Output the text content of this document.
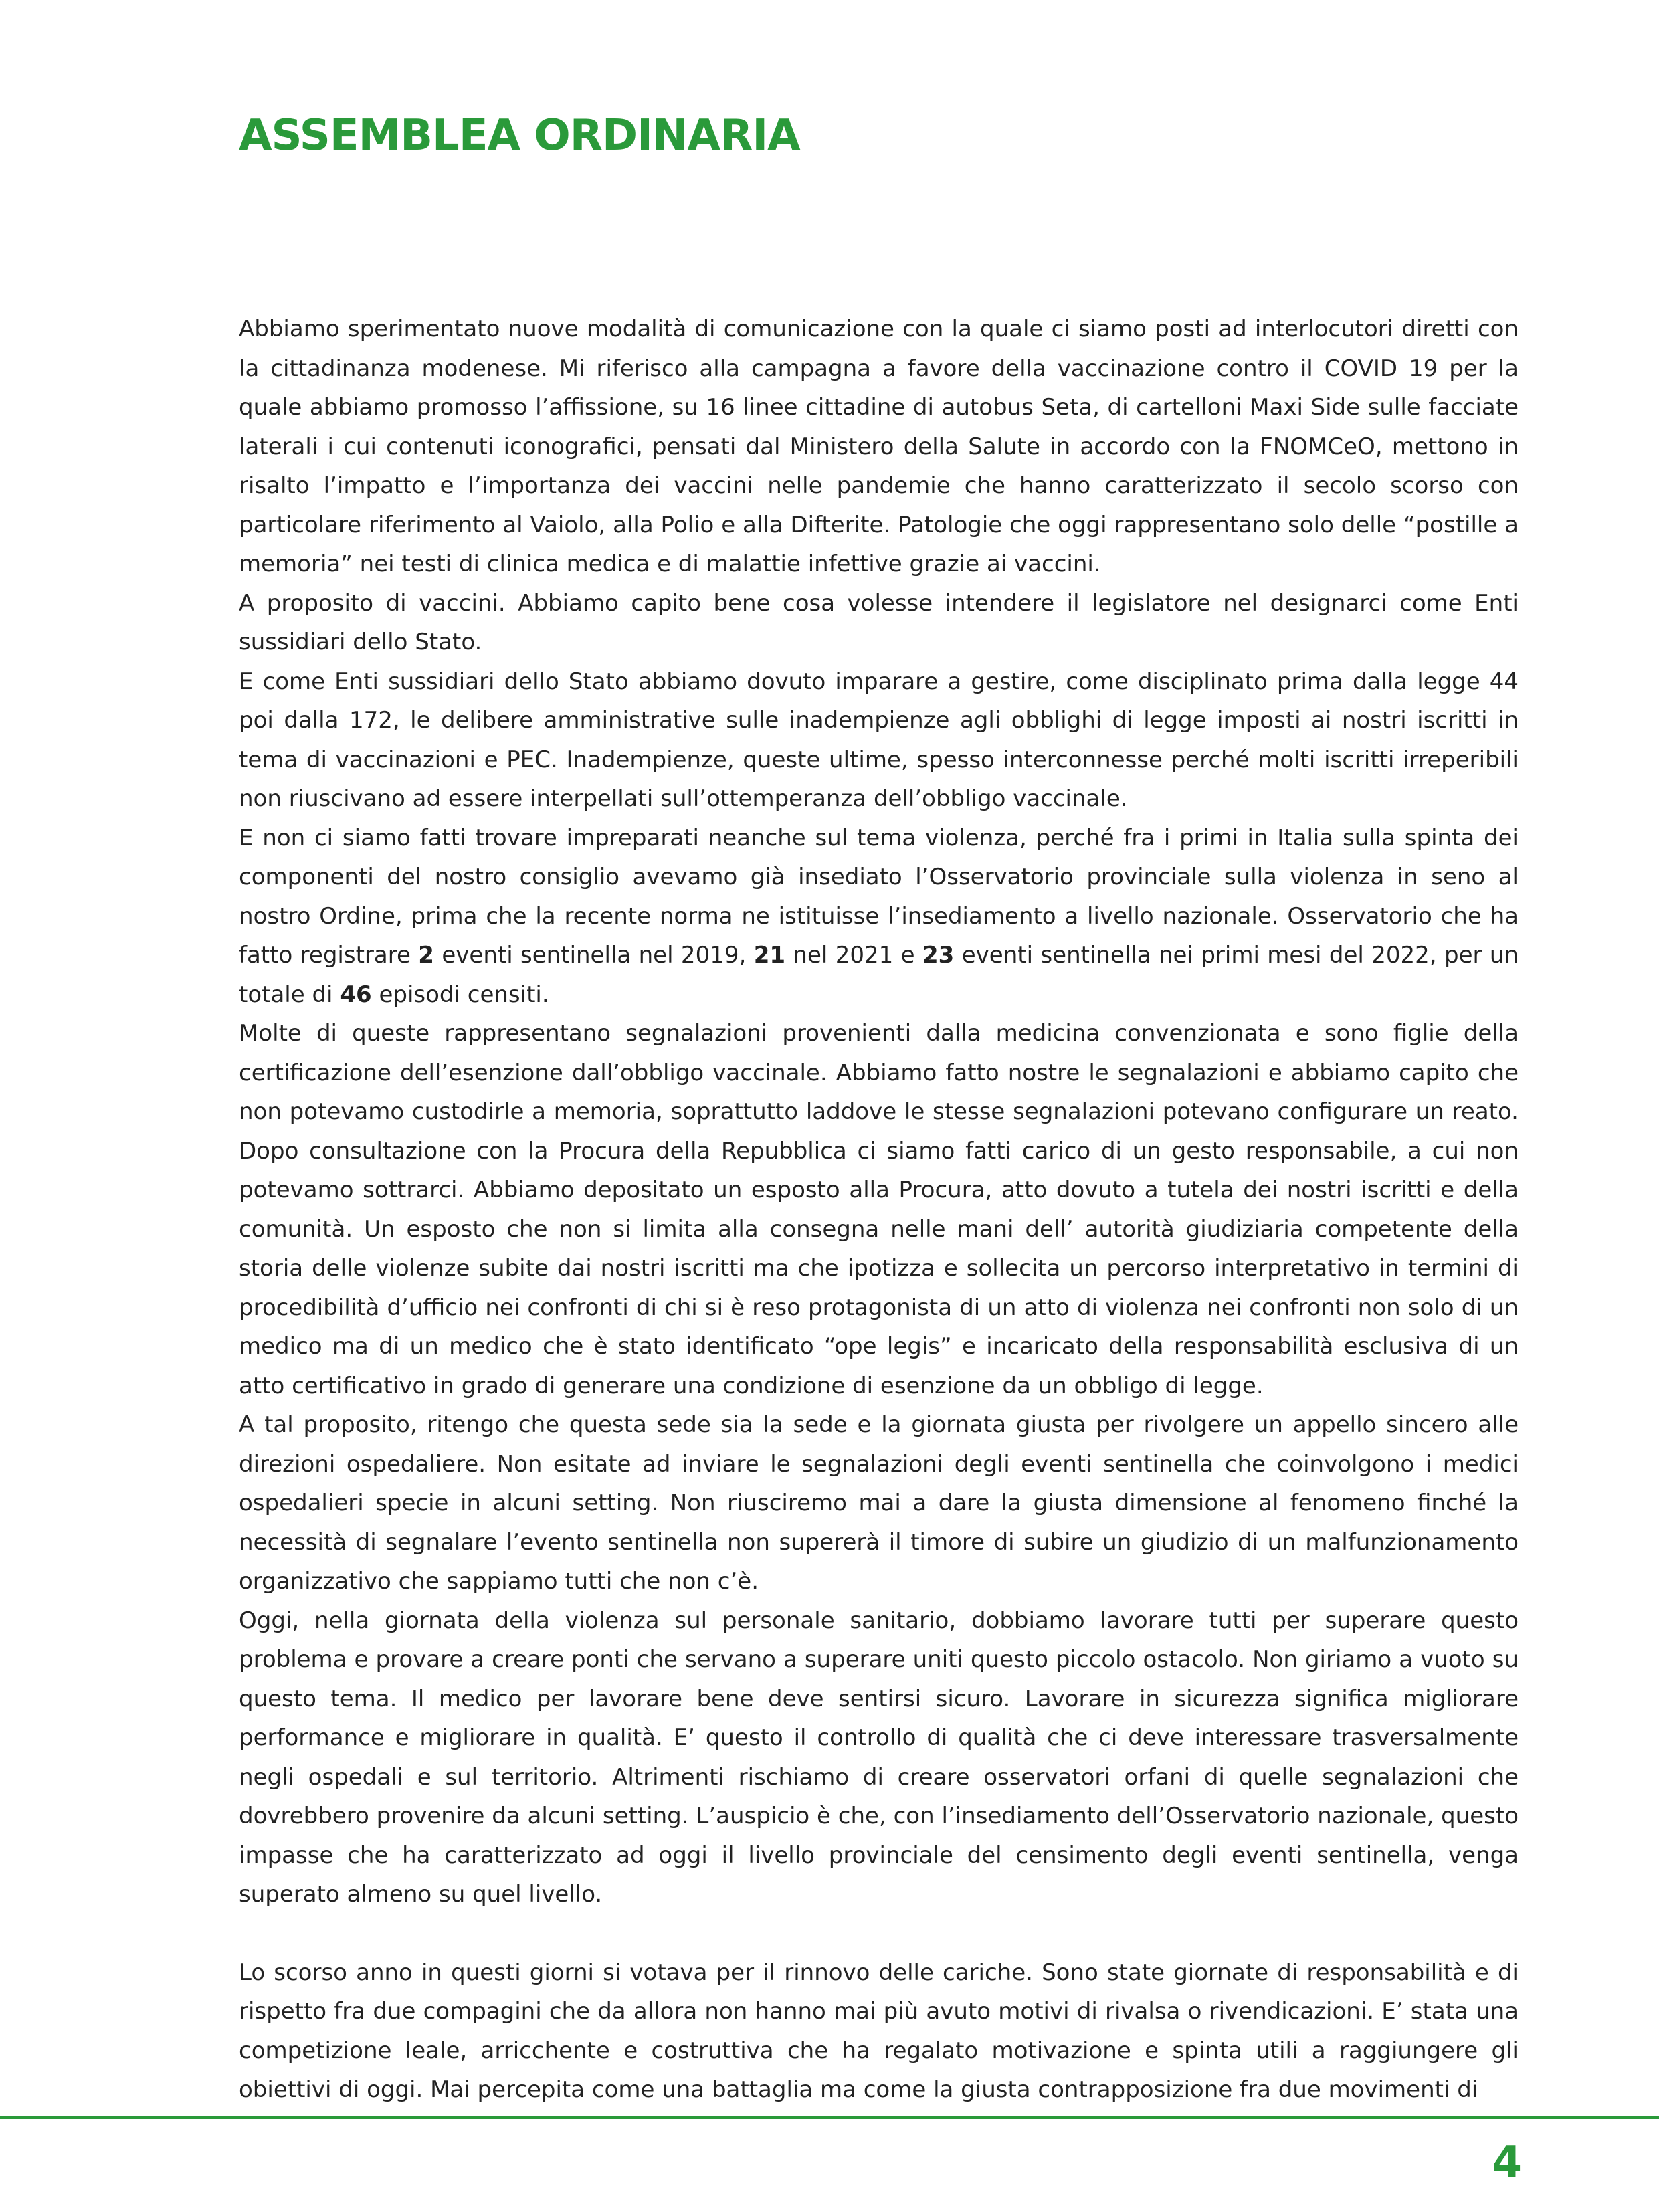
ASSEMBLEA ORDINARIA

Abbiamo sperimentato nuove modalità di comunicazione con la quale ci siamo posti ad interlocutori diretti con la cittadinanza modenese. Mi riferisco alla campagna a favore della vaccinazione contro il COVID 19 per la quale abbiamo promosso l’affissione, su 16 linee cittadine di autobus Seta, di cartelloni Maxi Side sulle facciate laterali i cui contenuti iconografici, pensati dal Ministero della Salute in accordo con la FNOMCeO, mettono in risalto l’impatto e l’importanza dei vaccini nelle pandemie che hanno caratterizzato il secolo scorso con particolare riferimento al Vaiolo, alla Polio e alla Difterite. Patologie che oggi rappresentano solo delle “postille a memoria” nei testi di clinica medica e di malattie infettive grazie ai vaccini.

A proposito di vaccini. Abbiamo capito bene cosa volesse intendere il legislatore nel designarci come Enti sussidiari dello Stato.

E come Enti sussidiari dello Stato abbiamo dovuto imparare a gestire, come disciplinato prima dalla legge 44 poi dalla 172, le delibere amministrative sulle inadempienze agli obblighi di legge imposti ai nostri iscritti in tema di vaccinazioni e PEC. Inadempienze, queste ultime, spesso interconnesse perché molti iscritti irreperibili non riuscivano ad essere interpellati sull’ottemperanza dell’obbligo vaccinale.

E non ci siamo fatti trovare impreparati neanche sul tema violenza, perché fra i primi in Italia sulla spinta dei componenti del nostro consiglio avevamo già insediato l’Osservatorio provinciale sulla violenza in seno al nostro Ordine, prima che la recente norma ne istituisse l’insediamento a livello nazionale. Osservatorio che ha fatto registrare 2 eventi sentinella nel 2019, 21 nel 2021 e 23 eventi sentinella nei primi mesi del 2022, per un totale di 46 episodi censiti.

Molte di queste rappresentano segnalazioni provenienti dalla medicina convenzionata e sono figlie della certificazione dell’esenzione dall’obbligo vaccinale. Abbiamo fatto nostre le segnalazioni e abbiamo capito che non potevamo custodirle a memoria, soprattutto laddove le stesse segnalazioni potevano configurare un reato. Dopo consultazione con la Procura della Repubblica ci siamo fatti carico di un gesto responsabile, a cui non potevamo sottrarci. Abbiamo depositato un esposto alla Procura, atto dovuto a tutela dei nostri iscritti e della comunità. Un esposto che non si limita alla consegna nelle mani dell’ autorità giudiziaria competente della storia delle violenze subite dai nostri iscritti ma che ipotizza e sollecita un percorso interpretativo in termini di procedibilità d’ufficio nei confronti di chi si è reso protagonista di un atto di violenza nei confronti non solo di un medico ma di un medico che è stato identificato “ope legis” e incaricato della responsabilità esclusiva di un atto certificativo in grado di generare una condizione di esenzione da un obbligo di legge.

A tal proposito, ritengo che questa sede sia la sede e la giornata giusta per rivolgere un appello sincero alle direzioni ospedaliere. Non esitate ad inviare le segnalazioni degli eventi sentinella che coinvolgono i medici ospedalieri specie in alcuni setting. Non riusciremo mai a dare la giusta dimensione al fenomeno finché la necessità di segnalare l’evento sentinella non supererà il timore di subire un giudizio di un malfunzionamento organizzativo che sappiamo tutti che non c’è.

Oggi, nella giornata della violenza sul personale sanitario, dobbiamo lavorare tutti per superare questo problema e provare a creare ponti che servano a superare uniti questo piccolo ostacolo. Non giriamo a vuoto su questo tema. Il medico per lavorare bene deve sentirsi sicuro. Lavorare in sicurezza significa migliorare performance e migliorare in qualità. E’ questo il controllo di qualità che ci deve interessare trasversalmente negli ospedali e sul territorio. Altrimenti rischiamo di creare osservatori orfani di quelle segnalazioni che dovrebbero provenire da alcuni setting. L’auspicio è che, con l’insediamento dell’Osservatorio nazionale, questo impasse che ha caratterizzato ad oggi il livello provinciale del censimento degli eventi sentinella, venga superato almeno su quel livello.

Lo scorso anno in questi giorni si votava per il rinnovo delle cariche. Sono state giornate di responsabilità e di rispetto fra due compagini che da allora non hanno mai più avuto motivi di rivalsa o rivendicazioni. E’ stata una competizione leale, arricchente e costruttiva che ha regalato motivazione e spinta utili a raggiungere gli obiettivi di oggi. Mai percepita come una battaglia ma come la giusta contrapposizione fra due movimenti di

4
